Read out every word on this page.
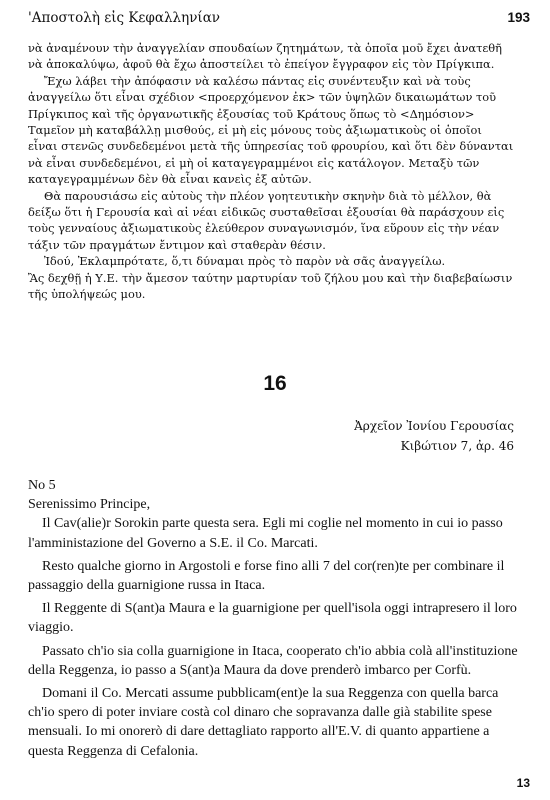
'Αποστολὴ εἰς Κεφαλληνίαν	193

νὰ ἀναμένουν τὴν ἀναγγελίαν σπουδαίων ζητημάτων, τὰ ὁποῖα μοῦ ἔχει ἀνατεθῆ νὰ ἀποκαλύψω, ἀφοῦ θὰ ἔχω ἀποστείλει τὸ ἐπείγον ἔγγραφον εἰς τὸν Πρίγκιπα.

Ἔχω λάβει τὴν ἀπόφασιν νὰ καλέσω πάντας εἰς συνέντευξιν καὶ νὰ τοὺς ἀναγγείλω ὅτι εἶναι σχέδιον <προερχόμενον ἐκ> τῶν ὑψηλῶν δικαιωμάτων τοῦ Πρίγκιπος καὶ τῆς ὀργανωτικῆς ἐξουσίας τοῦ Κράτους ὅπως τὸ <Δημόσιον> Ταμεῖον μὴ καταβάλλῃ μισθούς, εἰ μὴ εἰς μόνους τοὺς ἀξιωματικοὺς οἱ ὁποῖοι εἶναι στενῶς συνδεδεμένοι μετὰ τῆς ὑπηρεσίας τοῦ φρουρίου, καὶ ὅτι δὲν δύνανται νὰ εἶναι συνδεδεμένοι, εἰ μὴ οἱ καταγεγραμμένοι εἰς κατάλογον. Μεταξὺ τῶν καταγεγραμμένων δὲν θὰ εἶναι κανεὶς ἐξ αὐτῶν.

Θὰ παρουσιάσω εἰς αὐτοὺς τὴν πλέον γοητευτικὴν σκηνὴν διὰ τὸ μέλλον, θὰ δείξω ὅτι ἡ Γερουσία καὶ αἱ νέαι εἰδικῶς συσταθεῖσαι ἐξουσίαι θὰ παράσχουν εἰς τοὺς γενναίους ἀξιωματικοὺς ἐλεύθερον συναγωνισμόν, ἵνα εὕρουν εἰς τὴν νέαν τάξιν τῶν πραγμάτων ἔντιμον καὶ σταθερὰν θέσιν.

Ἰδού, Ἐκλαμπρότατε, ὅ,τι δύναμαι πρὸς τὸ παρὸν νὰ σᾶς ἀναγγείλω.

Ἂς δεχθῇ ἡ Υ.Ε. τὴν ἄμεσον ταύτην μαρτυρίαν τοῦ ζήλου μου καὶ τὴν διαβεβαίωσιν τῆς ὑπολήψεώς μου.

16
Ἀρχεῖον Ἰονίου Γερουσίας
Κιβώτιον 7, ἀρ. 46

No 5

Serenissimo Principe,

Il Cav(alie)r Sorokin parte questa sera. Egli mi coglie nel momento in cui io passo l'amministazione del Governo a S.E. il Co. Marcati.

Resto qualche giorno in Argostoli e forse fino alli 7 del cor(ren)te per combinare il passaggio della guarnigione russa in Itaca.

Il Reggente di S(ant)a Maura e la guarnigione per quell'isola oggi intrapresero il loro viaggio.

Passato ch'io sia colla guarnigione in Itaca, cooperato ch'io abbia colà all'instituzione della Reggenza, io passo a S(ant)a Maura da dove prenderò imbarco per Corfù.

Domani il Co. Mercati assume pubblicam(ent)e la sua Reggenza con quella barca ch'io spero di poter inviare costà col dinaro che sopravanza dalle già stabilite spese mensuali. Io mi onorerò di dare dettagliato rapporto all'E.V. di quanto appartiene a questa Reggenza di Cefalonia.

13
